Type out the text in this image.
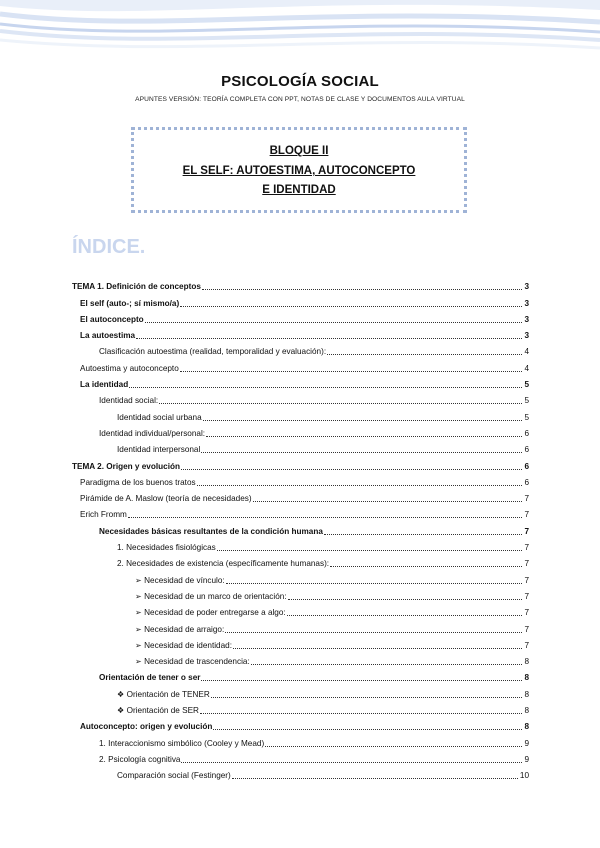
PSICOLOGÍA SOCIAL
APUNTES VERSIÓN: TEORÍA COMPLETA CON PPT, NOTAS DE CLASE Y DOCUMENTOS AULA VIRTUAL
BLOQUE II
EL SELF: AUTOESTIMA, AUTOCONCEPTO
E IDENTIDAD
ÍNDICE.
TEMA 1. Definición de conceptos	3
El self (auto-; sí mismo/a)	3
El autoconcepto	3
La autoestima	3
Clasificación autoestima (realidad, temporalidad y evaluación):	4
Autoestima y autoconcepto	4
La identidad	5
Identidad social:	5
Identidad social urbana	5
Identidad individual/personal:	6
Identidad interpersonal	6
TEMA 2. Origen y evolución	6
Paradigma de los buenos tratos	6
Pirámide de A. Maslow (teoría de necesidades)	7
Erich Fromm	7
Necesidades básicas resultantes de la condición humana	7
1. Necesidades fisiológicas	7
2. Necesidades de existencia (específicamente humanas):	7
➢ Necesidad de vínculo:	7
➢ Necesidad de un marco de orientación:	7
➢ Necesidad de poder entregarse a algo:	7
➢ Necesidad de arraigo:	7
➢ Necesidad de identidad:	7
➢ Necesidad de trascendencia:	8
Orientación de tener o ser	8
❖ Orientación de TENER	8
❖ Orientación de SER	8
Autoconcepto: origen y evolución	8
1. Interaccionismo simbólico (Cooley y Mead)	9
2. Psicología cognitiva	9
Comparación social (Festinger)	10
